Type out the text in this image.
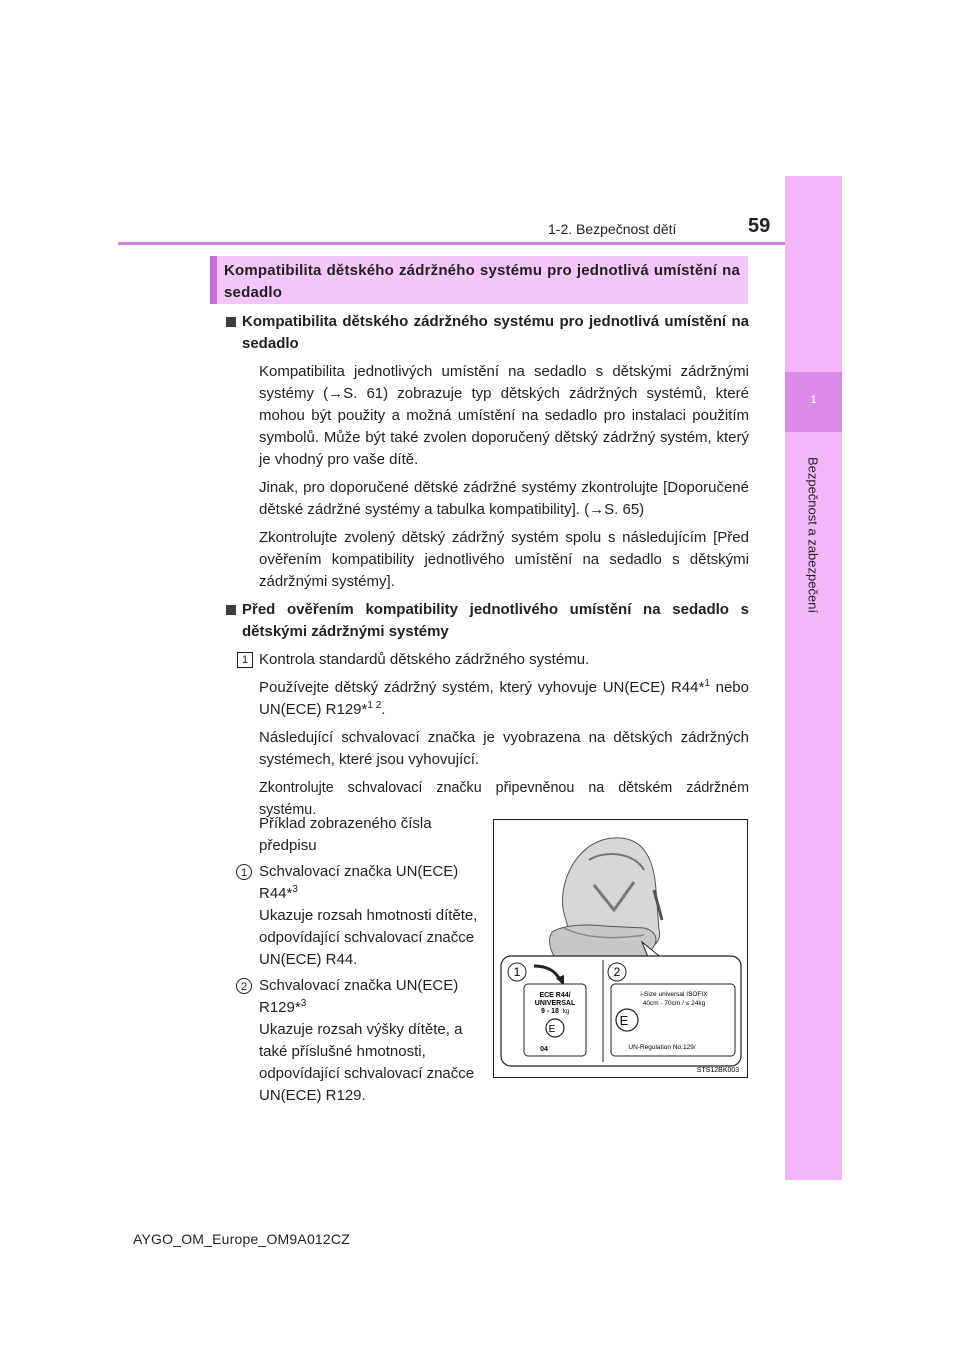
1-2. Bezpečnost dětí	59
1
Bezpečnost a zabezpečení
Kompatibilita dětského zádržného systému pro jednotlivá umístění na sedadlo
Kompatibilita dětského zádržného systému pro jednotlivá umístění na sedadlo
Kompatibilita jednotlivých umístění na sedadlo s dětskými zádržnými systémy (→S. 61) zobrazuje typ dětských zádržných systémů, které mohou být použity a možná umístění na sedadlo pro instalaci použitím symbolů. Může být také zvolen doporučený dětský zádržný systém, který je vhodný pro vaše dítě.
Jinak, pro doporučené dětské zádržné systémy zkontrolujte [Doporučené dětské zádržné systémy a tabulka kompatibility]. (→S. 65)
Zkontrolujte zvolený dětský zádržný systém spolu s následujícím [Před ověřením kompatibility jednotlivého umístění na sedadlo s dětskými zádržnými systémy].
Před ověřením kompatibility jednotlivého umístění na sedadlo s dětskými zádržnými systémy
1 Kontrola standardů dětského zádržného systému.
Používejte dětský zádržný systém, který vyhovuje UN(ECE) R44*$^1$ nebo UN(ECE) R129*$^{1 2}$.
Následující schvalovací značka je vyobrazena na dětských zádržných systémech, které jsou vyhovující.
Zkontrolujte schvalovací značku připevněnou na dětském zádržném systému.
Příklad zobrazeného čísla předpisu
1 Schvalovací značka UN(ECE) R44*$^3$
Ukazuje rozsah hmotnosti dítěte, odpovídající schvalovací značce UN(ECE) R44.
2 Schvalovací značka UN(ECE) R129*$^3$
Ukazuje rozsah výšky dítěte, a také příslušné hmotnosti, odpovídající schvalovací značce UN(ECE) R129.
1	2
ECE R44/
UNIVERSAL
9 - 18 kg
E
04
i-Size universal ISOFIX
40cm - 70cm / ≤ 24kg
E
UN-Regulation No.129/
STS12BK003
AYGO_OM_Europe_OM9A012CZ
